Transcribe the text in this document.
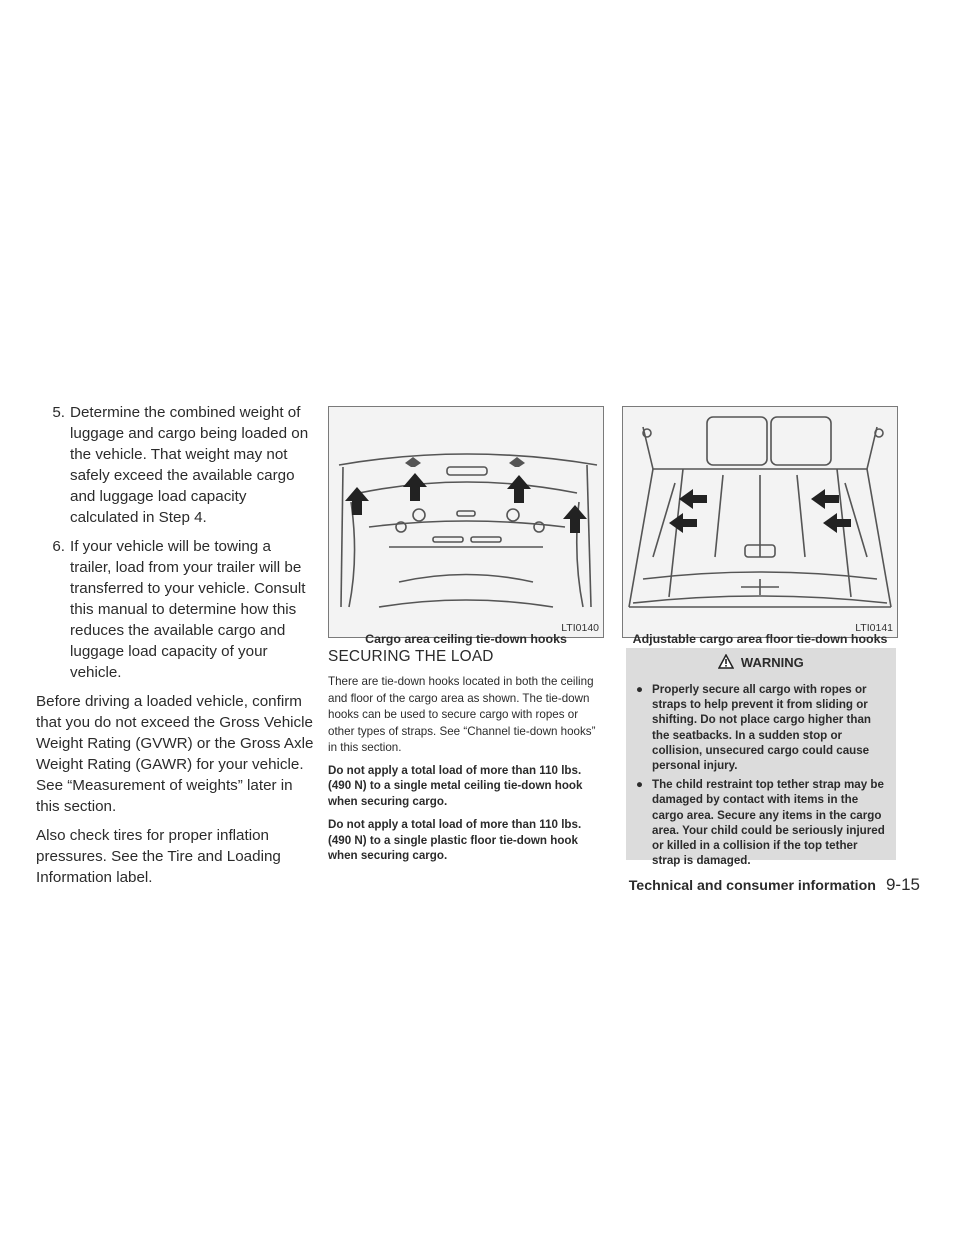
5. Determine the combined weight of luggage and cargo being loaded on the vehicle. That weight may not safely exceed the available cargo and luggage load capacity calculated in Step 4.
6. If your vehicle will be towing a trailer, load from your trailer will be transferred to your vehicle. Consult this manual to determine how this reduces the available cargo and luggage load capacity of your vehicle.

Before driving a loaded vehicle, confirm that you do not exceed the Gross Vehicle Weight Rating (GVWR) or the Gross Axle Weight Rating (GAWR) for your vehicle. See “Measurement of weights” later in this section.

Also check tires for proper inflation pressures. See the Tire and Loading Information label.

LTI0140
Cargo area ceiling tie-down hooks
LTI0141
Adjustable cargo area floor tie-down hooks
SECURING THE LOAD

There are tie-down hooks located in both the ceiling and floor of the cargo area as shown. The tie-down hooks can be used to secure cargo with ropes or other types of straps. See “Channel tie-down hooks” in this section.

Do not apply a total load of more than 110 lbs. (490 N) to a single metal ceiling tie-down hook when securing cargo.

Do not apply a total load of more than 110 lbs. (490 N) to a single plastic floor tie-down hook when securing cargo.

WARNING
● Properly secure all cargo with ropes or straps to help prevent it from sliding or shifting. Do not place cargo higher than the seatbacks. In a sudden stop or collision, unsecured cargo could cause personal injury.
● The child restraint top tether strap may be damaged by contact with items in the cargo area. Secure any items in the cargo area. Your child could be seriously injured or killed in a collision if the top tether strap is damaged.
Technical and consumer information 9-15
